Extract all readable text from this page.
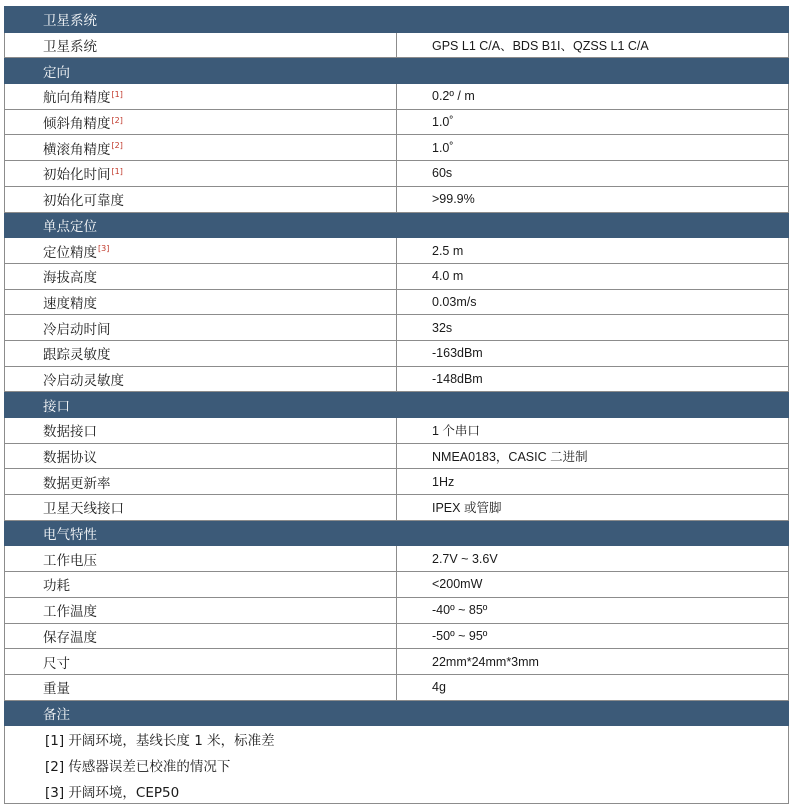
卫星系统	
卫星系统	GPS L1 C/A、BDS B1I、QZSS L1 C/A
定向	
航向角精度[1]	0.2º / m
倾斜角精度[2]	1.0˚
横滚角精度[2]	1.0˚
初始化时间[1]	60s
初始化可靠度	>99.9%
单点定位	
定位精度[3]	2.5 m
海拔高度	4.0 m
速度精度	0.03m/s
冷启动时间	32s
跟踪灵敏度	-163dBm
冷启动灵敏度	-148dBm
接口	
数据接口	1 个串口
数据协议	NMEA0183，CASIC 二进制
数据更新率	1Hz
卫星天线接口	IPEX 或管脚
电气特性	
工作电压	2.7V ~ 3.6V
功耗	<200mW
工作温度	-40º ~ 85º
保存温度	-50º ~ 95º
尺寸	22mm*24mm*3mm
重量	4g
备注	
[1] 开阔环境，基线长度 1 米，标准差	
[2] 传感器误差已校准的情况下	
[3] 开阔环境，CEP50	
